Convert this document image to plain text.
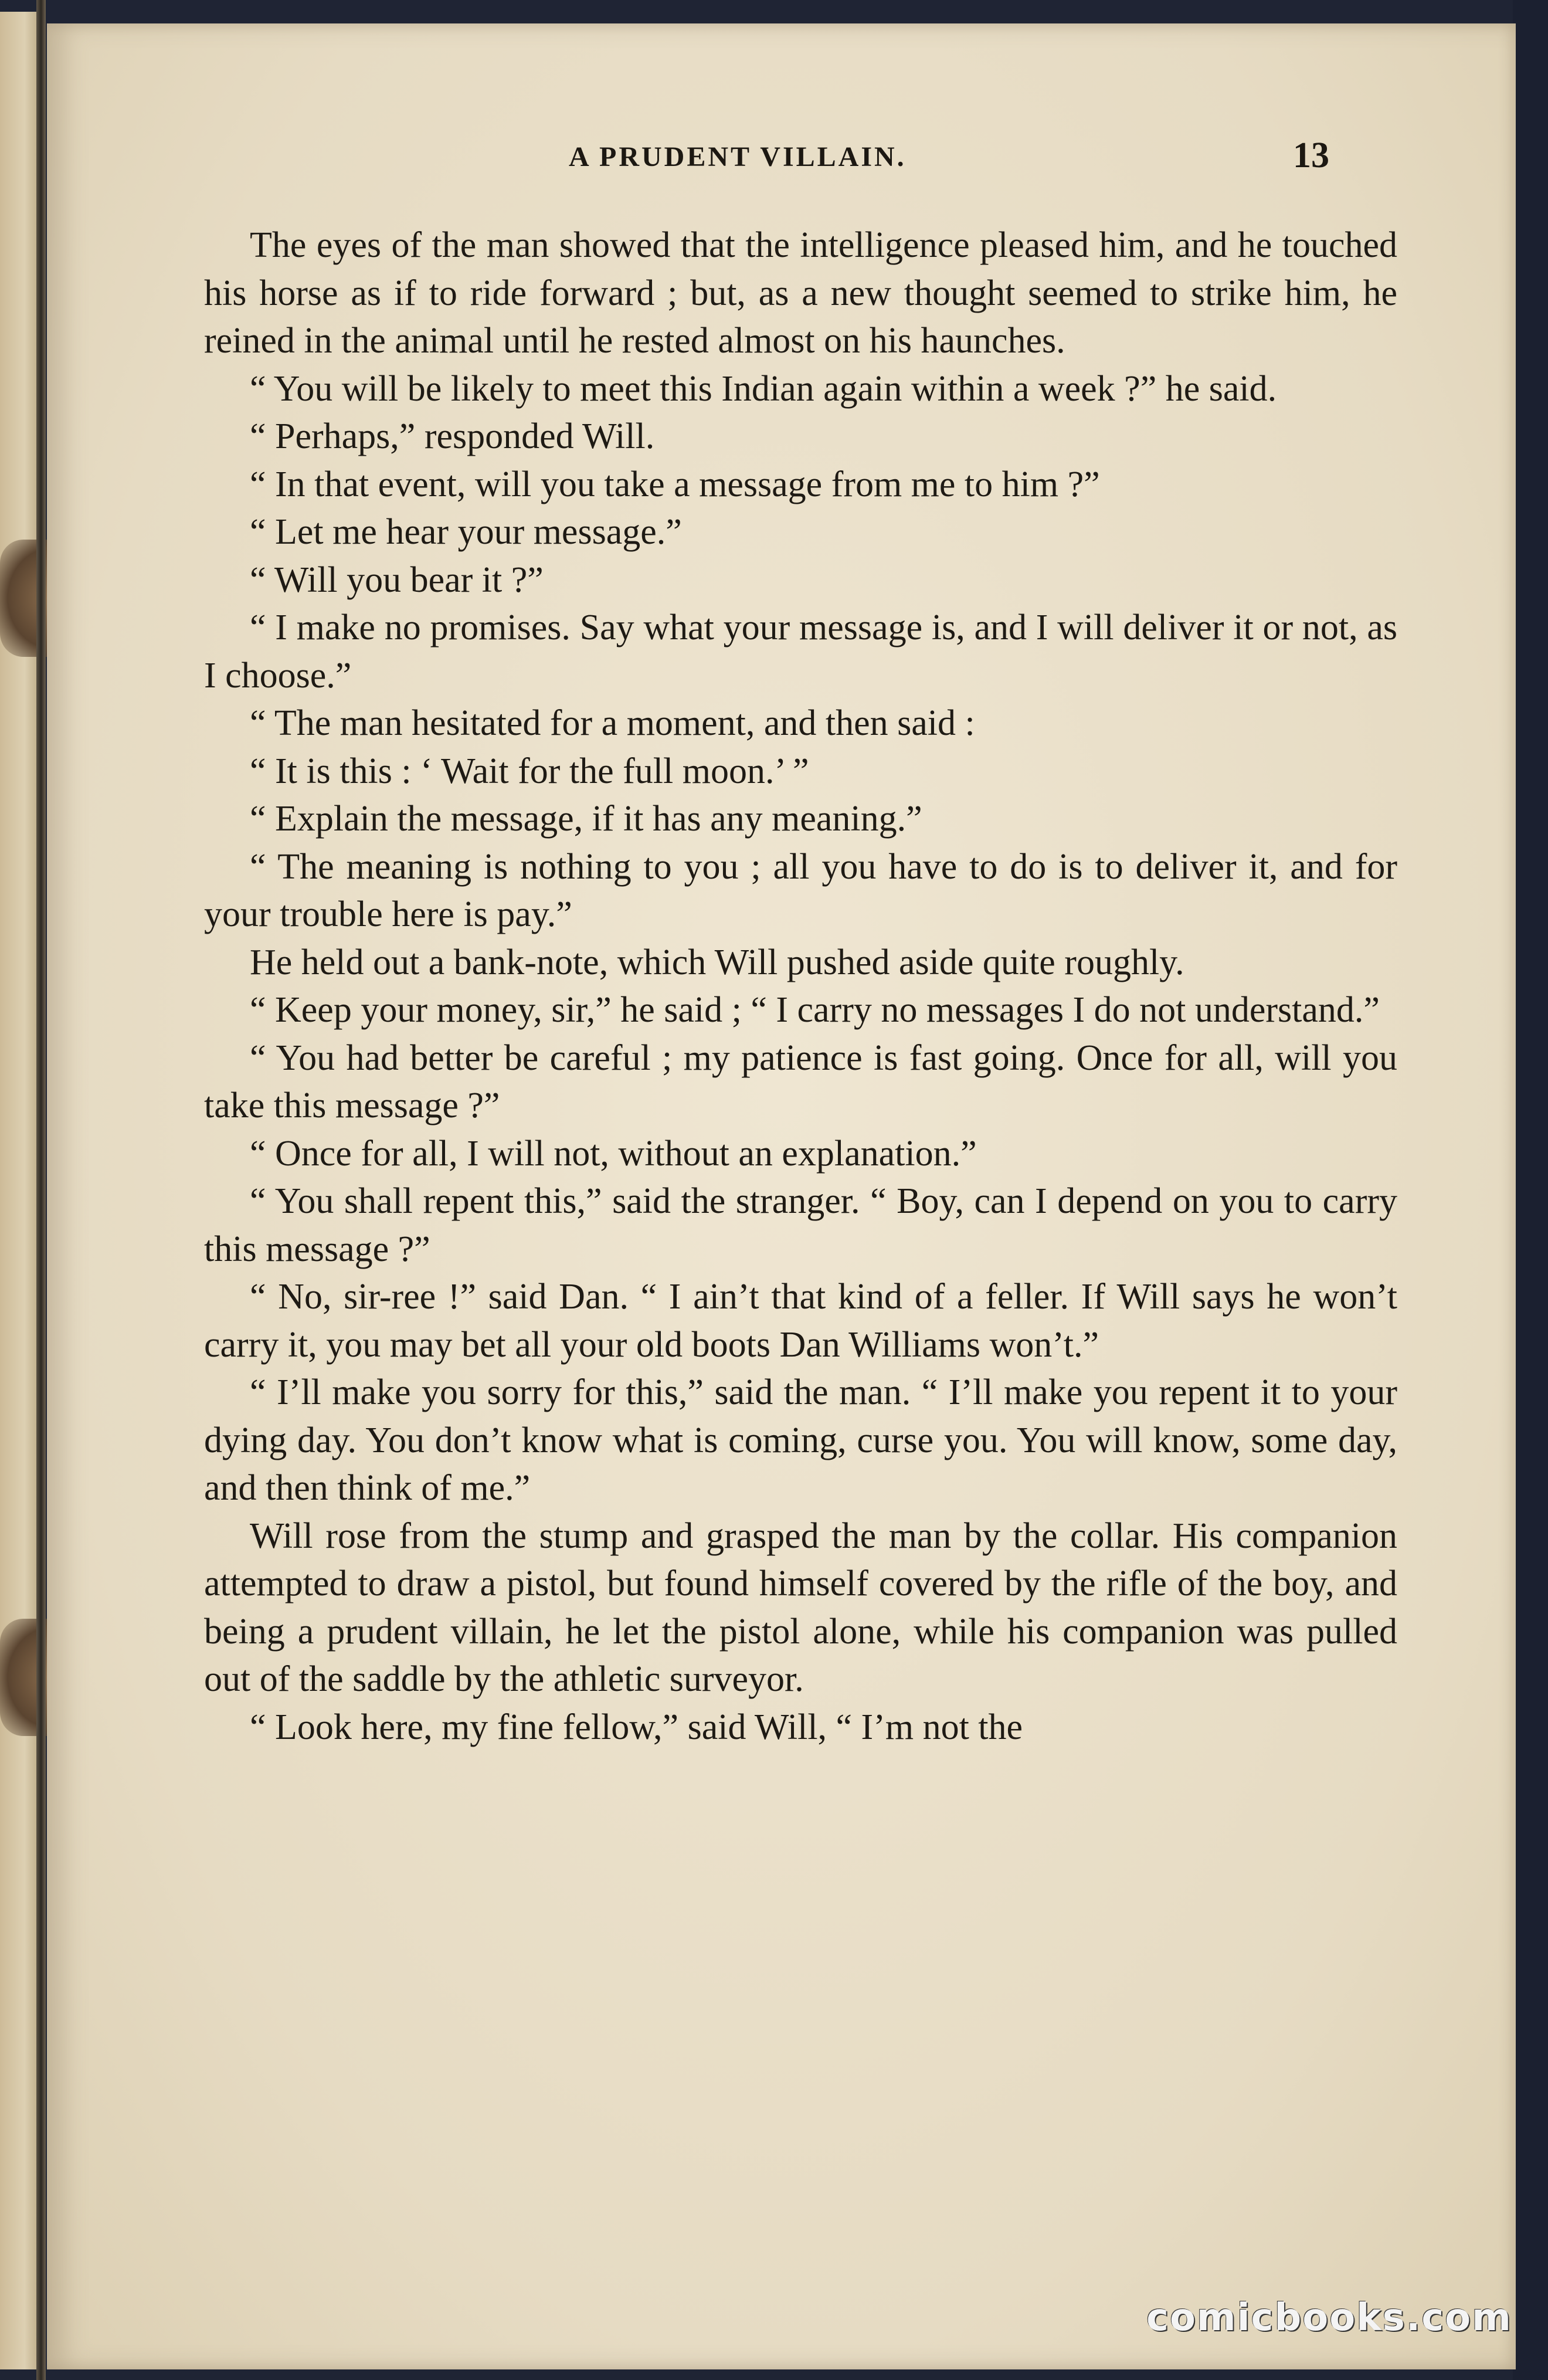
A PRUDENT VILLAIN.	13

The eyes of the man showed that the intelligence pleased him, and he touched his horse as if to ride forward ; but, as a new thought seemed to strike him, he reined in the animal until he rested almost on his haunches.

“ You will be likely to meet this Indian again within a week ?” he said.

“ Perhaps,” responded Will.

“ In that event, will you take a message from me to him ?”

“ Let me hear your message.”

“ Will you bear it ?”

“ I make no promises. Say what your message is, and I will deliver it or not, as I choose.”

“ The man hesitated for a moment, and then said :

“ It is this : ‘ Wait for the full moon.’ ”

“ Explain the message, if it has any meaning.”

“ The meaning is nothing to you ; all you have to do is to deliver it, and for your trouble here is pay.”

He held out a bank-note, which Will pushed aside quite roughly.

“ Keep your money, sir,” he said ; “ I carry no messages I do not understand.”

“ You had better be careful ; my patience is fast going. Once for all, will you take this message ?”

“ Once for all, I will not, without an explanation.”

“ You shall repent this,” said the stranger. “ Boy, can I depend on you to carry this message ?”

“ No, sir-ree !” said Dan. “ I ain’t that kind of a feller. If Will says he won’t carry it, you may bet all your old boots Dan Williams won’t.”

“ I’ll make you sorry for this,” said the man. “ I’ll make you repent it to your dying day. You don’t know what is coming, curse you. You will know, some day, and then think of me.”

Will rose from the stump and grasped the man by the collar. His companion attempted to draw a pistol, but found himself covered by the rifle of the boy, and being a prudent villain, he let the pistol alone, while his companion was pulled out of the saddle by the athletic surveyor.

“ Look here, my fine fellow,” said Will, “ I’m not the

comicbooks.com
